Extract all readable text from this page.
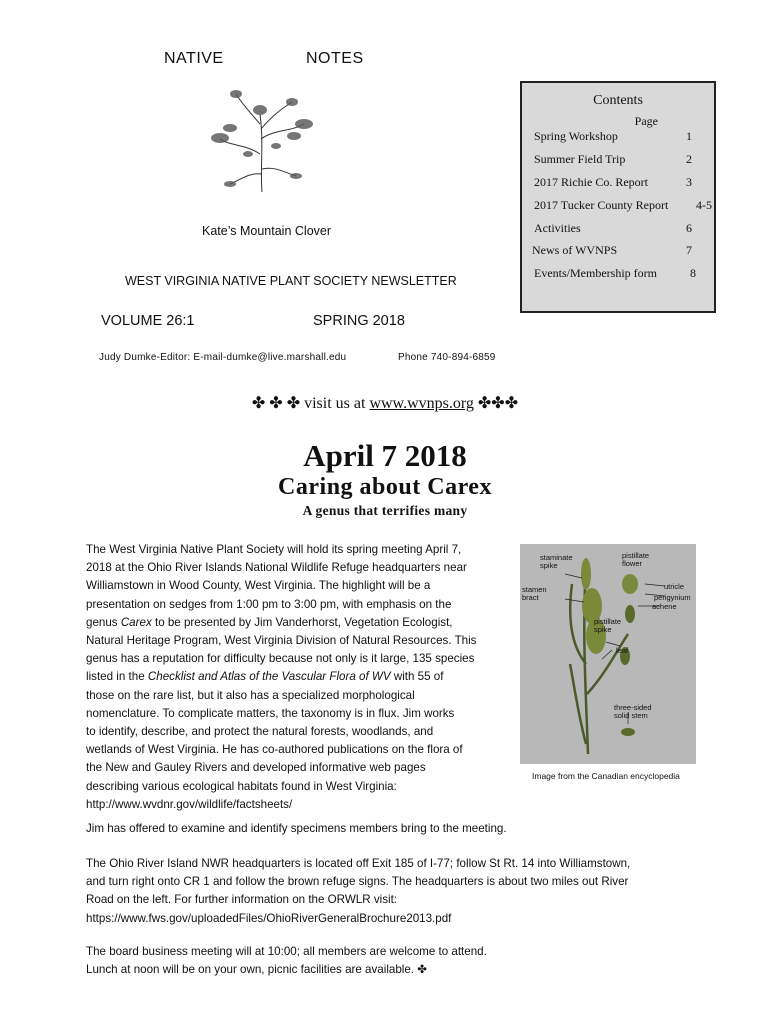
NATIVE	NOTES
Kate’s Mountain Clover
WEST VIRGINIA NATIVE PLANT SOCIETY NEWSLETTER
VOLUME 26:1	SPRING 2018
Judy Dumke-Editor: E-mail-dumke@live.marshall.edu	Phone 740-894-6859
Contents
Page
Spring Workshop	1
Summer Field Trip	2
2017 Richie Co. Report	3
2017 Tucker County Report 4-5
Activities	6
News of WVNPS	7
Events/Membership form	8
✤ ✤ ✤ visit us at www.wvnps.org ✤✤✤
April 7 2018
Caring about Carex
A genus that terrifies many
The West Virginia Native Plant Society will hold its spring meeting April 7,
2018 at the Ohio River Islands National Wildlife Refuge headquarters near
Williamstown in Wood County, West Virginia. The highlight will be a
presentation on sedges from 1:00 pm to 3:00 pm, with emphasis on the
genus Carex to be presented by Jim Vanderhorst, Vegetation Ecologist,
Natural Heritage Program, West Virginia Division of Natural Resources. This
genus has a reputation for difficulty because not only is it large, 135 species
listed in the Checklist and Atlas of the Vascular Flora of WV with 55 of
those on the rare list, but it also has a specialized morphological
nomenclature. To complicate matters, the taxonomy is in flux. Jim works
to identify, describe, and protect the natural forests, woodlands, and
wetlands of West Virginia. He has co-authored publications on the flora of
the New and Gauley Rivers and developed informative web pages
describing various ecological habitats found in West Virginia:
http://www.wvdnr.gov/wildlife/factsheets/
staminate spike
pistillate flower
stamen bract
utricle
perigynium
achene
pistillate spike
leaf
three-sided solid stem
Image from the Canadian encyclopedia
Jim has offered to examine and identify specimens members bring to the meeting.
The Ohio River Island NWR headquarters is located off Exit 185 of I-77; follow St Rt. 14 into Williamstown,
and turn right onto CR 1 and follow the brown refuge signs. The headquarters is about two miles out River
Road on the left. For further information on the ORWLR visit:
https://www.fws.gov/uploadedFiles/OhioRiverGeneralBrochure2013.pdf
The board business meeting will at 10:00; all members are welcome to attend.
Lunch at noon will be on your own, picnic facilities are available. ✤
